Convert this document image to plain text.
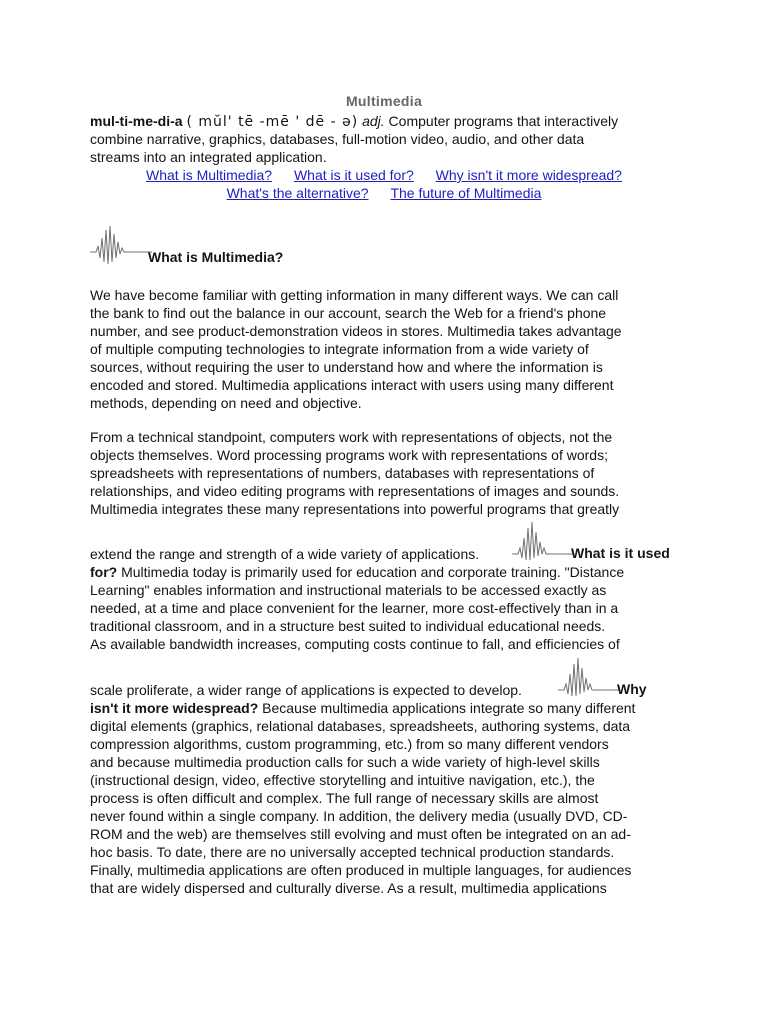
Multimedia
mul-ti-me-di-a ( mŭl' tē -mē ' dē - ə) adj. Computer programs that interactively
combine narrative, graphics, databases, full-motion video, audio, and other data
streams into an integrated application.
What is Multimedia? What is it used for? Why isn't it more widespread?
What's the alternative? The future of Multimedia
What is Multimedia?
We have become familiar with getting information in many different ways. We can call
the bank to find out the balance in our account, search the Web for a friend's phone
number, and see product-demonstration videos in stores. Multimedia takes advantage
of multiple computing technologies to integrate information from a wide variety of
sources, without requiring the user to understand how and where the information is
encoded and stored. Multimedia applications interact with users using many different
methods, depending on need and objective.
From a technical standpoint, computers work with representations of objects, not the
objects themselves. Word processing programs work with representations of words;
spreadsheets with representations of numbers, databases with representations of
relationships, and video editing programs with representations of images and sounds.
Multimedia integrates these many representations into powerful programs that greatly
extend the range and strength of a wide variety of applications.	What is it used
for? Multimedia today is primarily used for education and corporate training. "Distance
Learning" enables information and instructional materials to be accessed exactly as
needed, at a time and place convenient for the learner, more cost-effectively than in a
traditional classroom, and in a structure best suited to individual educational needs.
As available bandwidth increases, computing costs continue to fall, and efficiencies of
scale proliferate, a wider range of applications is expected to develop.	Why
isn't it more widespread? Because multimedia applications integrate so many different
digital elements (graphics, relational databases, spreadsheets, authoring systems, data
compression algorithms, custom programming, etc.) from so many different vendors
and because multimedia production calls for such a wide variety of high-level skills
(instructional design, video, effective storytelling and intuitive navigation, etc.), the
process is often difficult and complex. The full range of necessary skills are almost
never found within a single company. In addition, the delivery media (usually DVD, CD-
ROM and the web) are themselves still evolving and must often be integrated on an ad-
hoc basis. To date, there are no universally accepted technical production standards.
Finally, multimedia applications are often produced in multiple languages, for audiences
that are widely dispersed and culturally diverse. As a result, multimedia applications
